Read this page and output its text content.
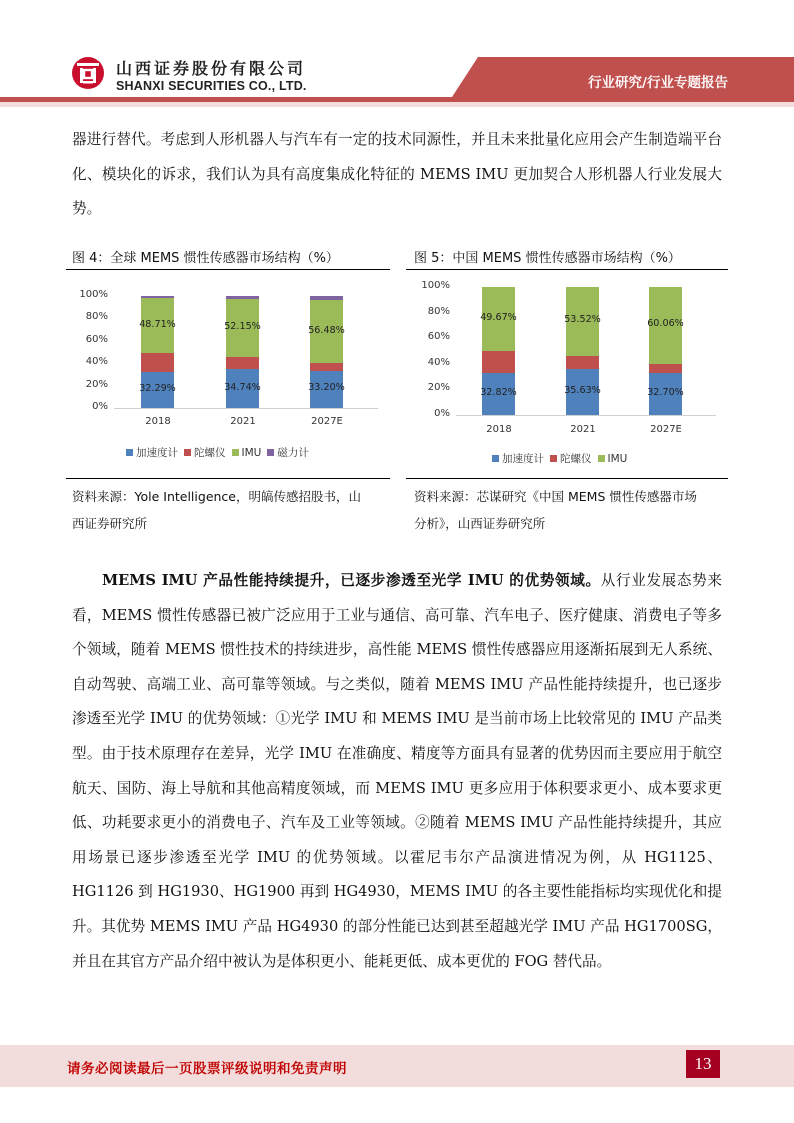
山西证券股份有限公司
SHANXI SECURITIES CO., LTD.	行业研究/行业专题报告
器进行替代。考虑到人形机器人与汽车有一定的技术同源性，并且未来批量化应用会产生制造端平台化、模块化的诉求，我们认为具有高度集成化特征的 MEMS IMU 更加契合人形机器人行业发展大势。
图 4：全球 MEMS 惯性传感器市场结构（%）
100%
80%
60%
40%
20%
0%
32.29%
48.71%
2018
34.74%
52.15%
2021
33.20%
56.48%
2027E
加速度计 陀螺仪 IMU 磁力计
资料来源：Yole Intelligence，明皜传感招股书，山
西证券研究所
图 5：中国 MEMS 惯性传感器市场结构（%）
100%
80%
60%
40%
20%
0%
32.82%
49.67%
2018
35.63%
53.52%
2021
32.70%
60.06%
2027E
加速度计 陀螺仪 IMU
资料来源：芯谋研究《中国 MEMS 惯性传感器市场
分析》，山西证券研究所
MEMS IMU 产品性能持续提升，已逐步渗透至光学 IMU 的优势领域。从行业发展态势来看，MEMS 惯性传感器已被广泛应用于工业与通信、高可靠、汽车电子、医疗健康、消费电子等多个领域，随着 MEMS 惯性技术的持续进步，高性能 MEMS 惯性传感器应用逐渐拓展到无人系统、自动驾驶、高端工业、高可靠等领域。与之类似，随着 MEMS IMU 产品性能持续提升，也已逐步渗透至光学 IMU 的优势领域：①光学 IMU 和 MEMS IMU 是当前市场上比较常见的 IMU 产品类型。由于技术原理存在差异，光学 IMU 在准确度、精度等方面具有显著的优势因而主要应用于航空航天、国防、海上导航和其他高精度领域，而 MEMS IMU 更多应用于体积要求更小、成本要求更低、功耗要求更小的消费电子、汽车及工业等领域。②随着 MEMS IMU 产品性能持续提升，其应用场景已逐步渗透至光学 IMU 的优势领域。以霍尼韦尔产品演进情况为例，从 HG1125、HG1126 到 HG1930、HG1900 再到 HG4930，MEMS IMU 的各主要性能指标均实现优化和提升。其优势 MEMS IMU 产品 HG4930 的部分性能已达到甚至超越光学 IMU 产品 HG1700SG，并且在其官方产品介绍中被认为是体积更小、能耗更低、成本更优的 FOG 替代品。
请务必阅读最后一页股票评级说明和免责声明	13
